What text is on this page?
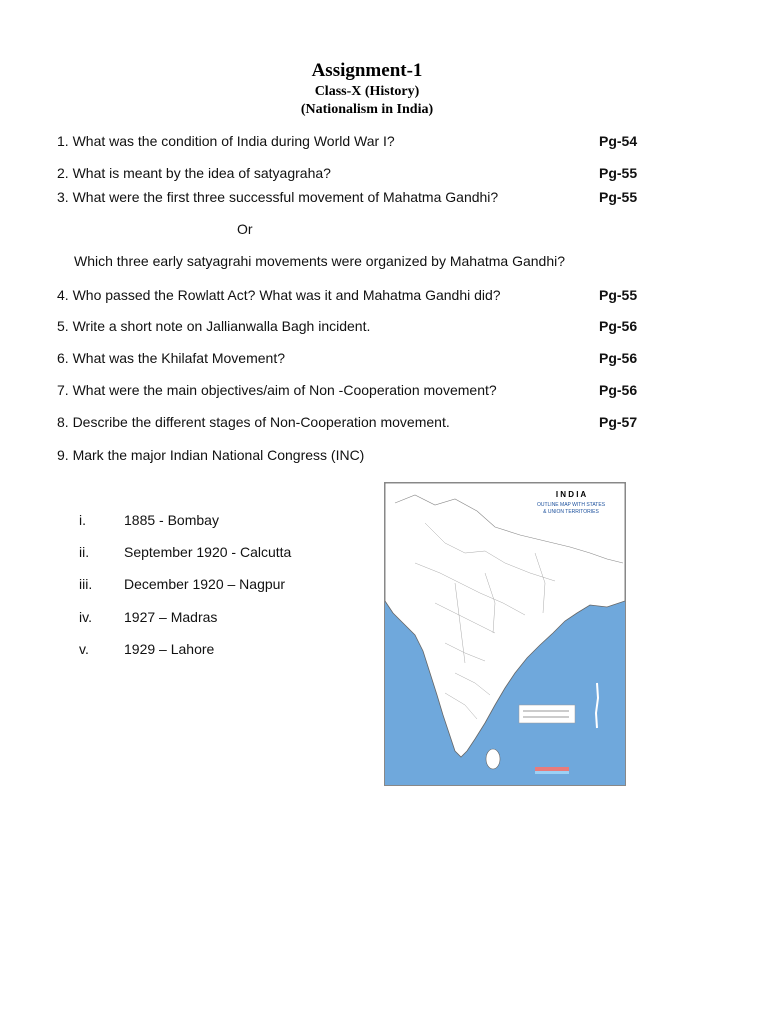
Assignment-1
Class-X (History)
(Nationalism in India)
1. What was the condition of India during World War I?	Pg-54
2. What is meant by the idea of satyagraha?	Pg-55
3. What were the first three successful movement of Mahatma Gandhi?	Pg-55
Or
Which three early satyagrahi movements were organized by Mahatma Gandhi?
4. Who passed the Rowlatt Act? What was it and Mahatma Gandhi did?	Pg-55
5. Write a short note on Jallianwalla Bagh incident.	Pg-56
6. What was the Khilafat Movement?	Pg-56
7. What were the main objectives/aim of Non -Cooperation movement?	Pg-56
8. Describe the different stages of Non-Cooperation movement.	Pg-57
9. Mark the major Indian National Congress (INC)
i.	1885 - Bombay
ii. September 1920 - Calcutta
iii. December 1920 – Nagpur
iv. 1927 – Madras
v.	1929 – Lahore
I N D I A
OUTLINE MAP WITH STATES
& UNION TERRITORIES
